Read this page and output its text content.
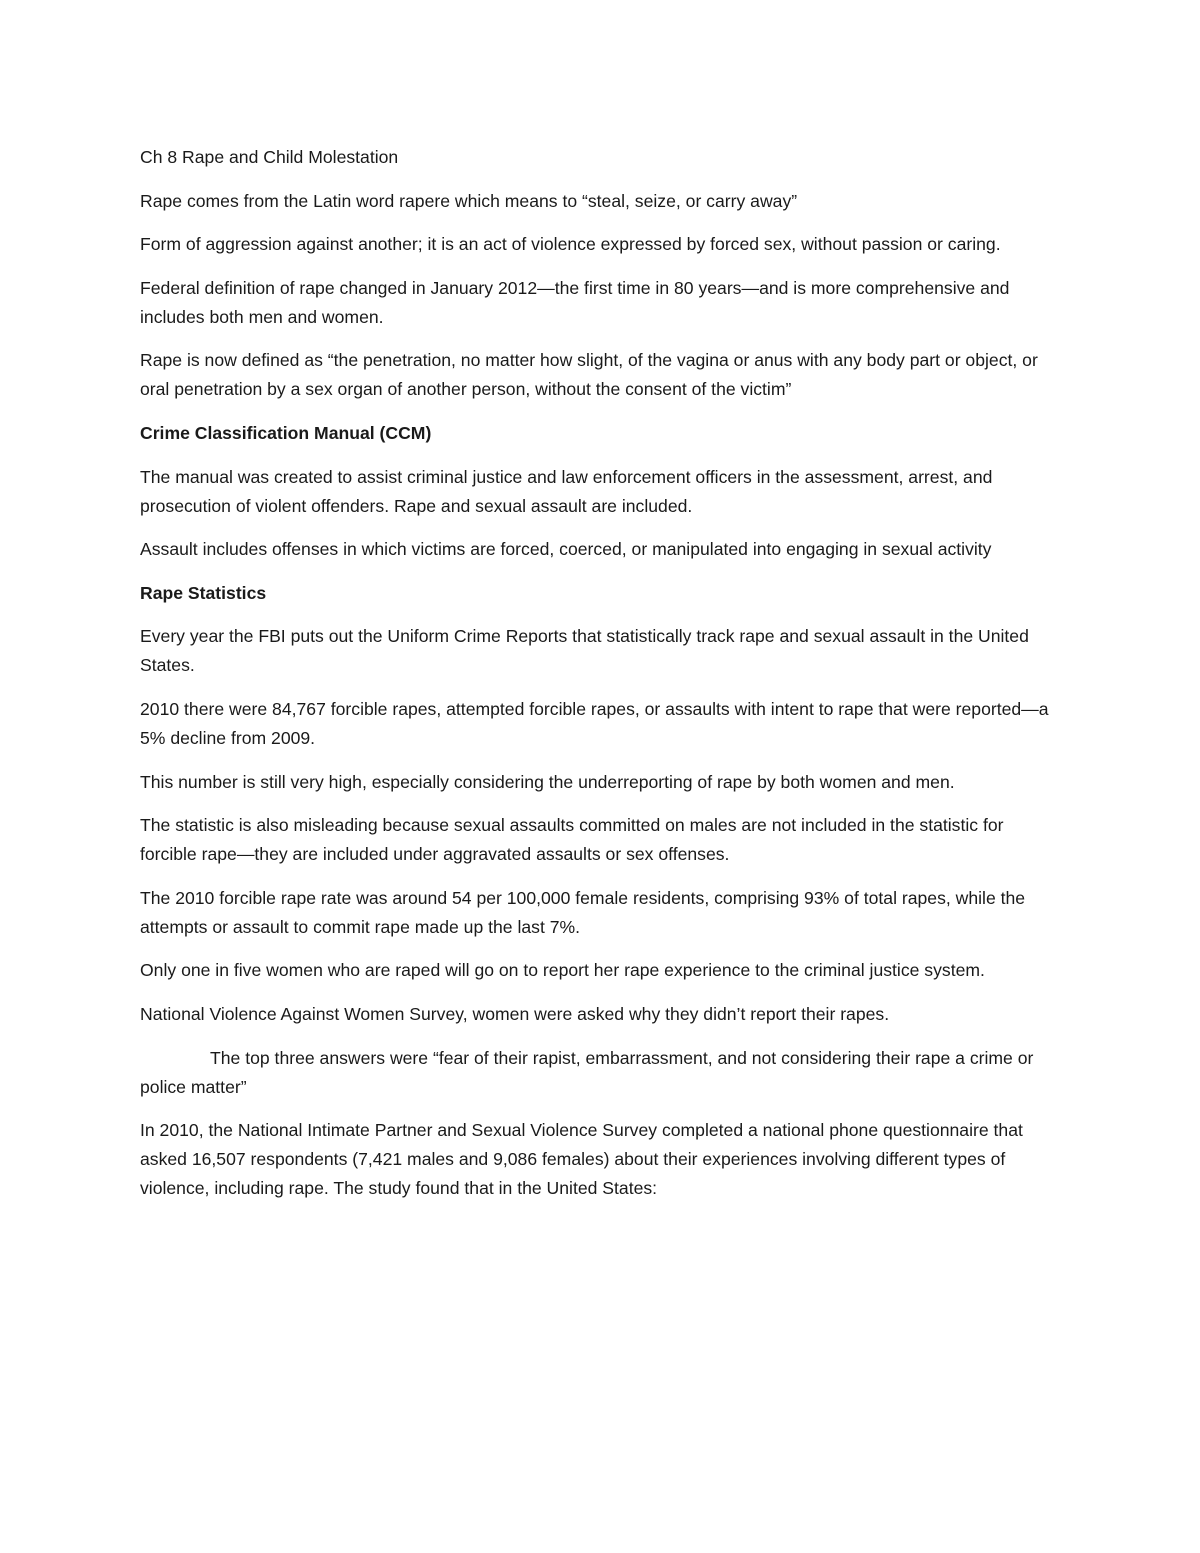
Ch 8 Rape and Child Molestation

Rape comes from the Latin word rapere which means to “steal, seize, or carry away”

Form of aggression against another; it is an act of violence expressed by forced sex, without passion or caring.

Federal definition of rape changed in January 2012—the first time in 80 years—and is more comprehensive and includes both men and women.

Rape is now defined as “the penetration, no matter how slight, of the vagina or anus with any body part or object, or oral penetration by a sex organ of another person, without the consent of the victim”

Crime Classification Manual (CCM)

The manual was created to assist criminal justice and law enforcement officers in the assessment, arrest, and prosecution of violent offenders. Rape and sexual assault are included.

Assault includes offenses in which victims are forced, coerced, or manipulated into engaging in sexual activity

Rape Statistics

Every year the FBI puts out the Uniform Crime Reports that statistically track rape and sexual assault in the United States.

2010 there were 84,767 forcible rapes, attempted forcible rapes, or assaults with intent to rape that were reported—a 5% decline from 2009.

This number is still very high, especially considering the underreporting of rape by both women and men.

The statistic is also misleading because sexual assaults committed on males are not included in the statistic for forcible rape—they are included under aggravated assaults or sex offenses.

The 2010 forcible rape rate was around 54 per 100,000 female residents, comprising 93% of total rapes, while the attempts or assault to commit rape made up the last 7%.

Only one in five women who are raped will go on to report her rape experience to the criminal justice system.

National Violence Against Women Survey, women were asked why they didn’t report their rapes.

The top three answers were “fear of their rapist, embarrassment, and not considering their rape a crime or police matter”

In 2010, the National Intimate Partner and Sexual Violence Survey completed a national phone questionnaire that asked 16,507 respondents (7,421 males and 9,086 females) about their experiences involving different types of violence, including rape. The study found that in the United States:
